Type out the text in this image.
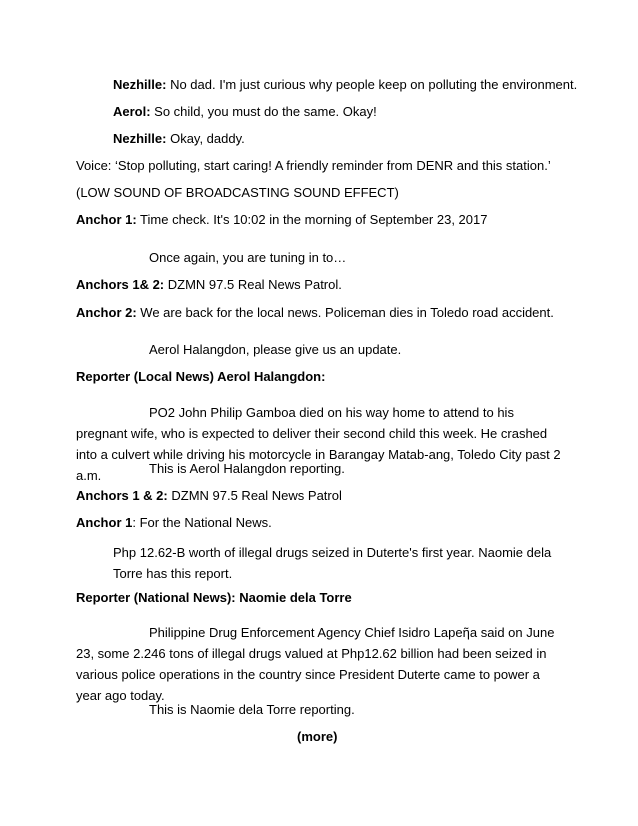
Nezhille: No dad. I'm just curious why people keep on polluting the environment.
Aerol: So child, you must do the same. Okay!
Nezhille: Okay, daddy.
Voice: ‘Stop polluting, start caring! A friendly reminder from DENR and this station.’
(LOW SOUND OF BROADCASTING SOUND EFFECT)
Anchor 1: Time check. It's 10:02 in the morning of September 23, 2017
Once again, you are tuning in to…
Anchors 1& 2: DZMN 97.5 Real News Patrol.
Anchor 2: We are back for the local news. Policeman dies in Toledo road accident.
Aerol Halangdon, please give us an update.
Reporter (Local News) Aerol Halangdon:
PO2 John Philip Gamboa died on his way home to attend to his pregnant wife, who is expected to deliver their second child this week. He crashed into a culvert while driving his motorcycle in Barangay Matab-ang, Toledo City past 2 a.m.	This is Aerol Halangdon reporting.
Anchors 1 & 2: DZMN 97.5 Real News Patrol
Anchor 1: For the National News.
Php 12.62-B worth of illegal drugs seized in Duterte's first year. Naomie dela Torre has this report.
Reporter (National News): Naomie dela Torre
Philippine Drug Enforcement Agency Chief Isidro Lapeῆa said on June 23, some 2.246 tons of illegal drugs valued at Php12.62 billion had been seized in various police operations in the country since President Duterte came to power a year ago today.
This is Naomie dela Torre reporting.
(more)
